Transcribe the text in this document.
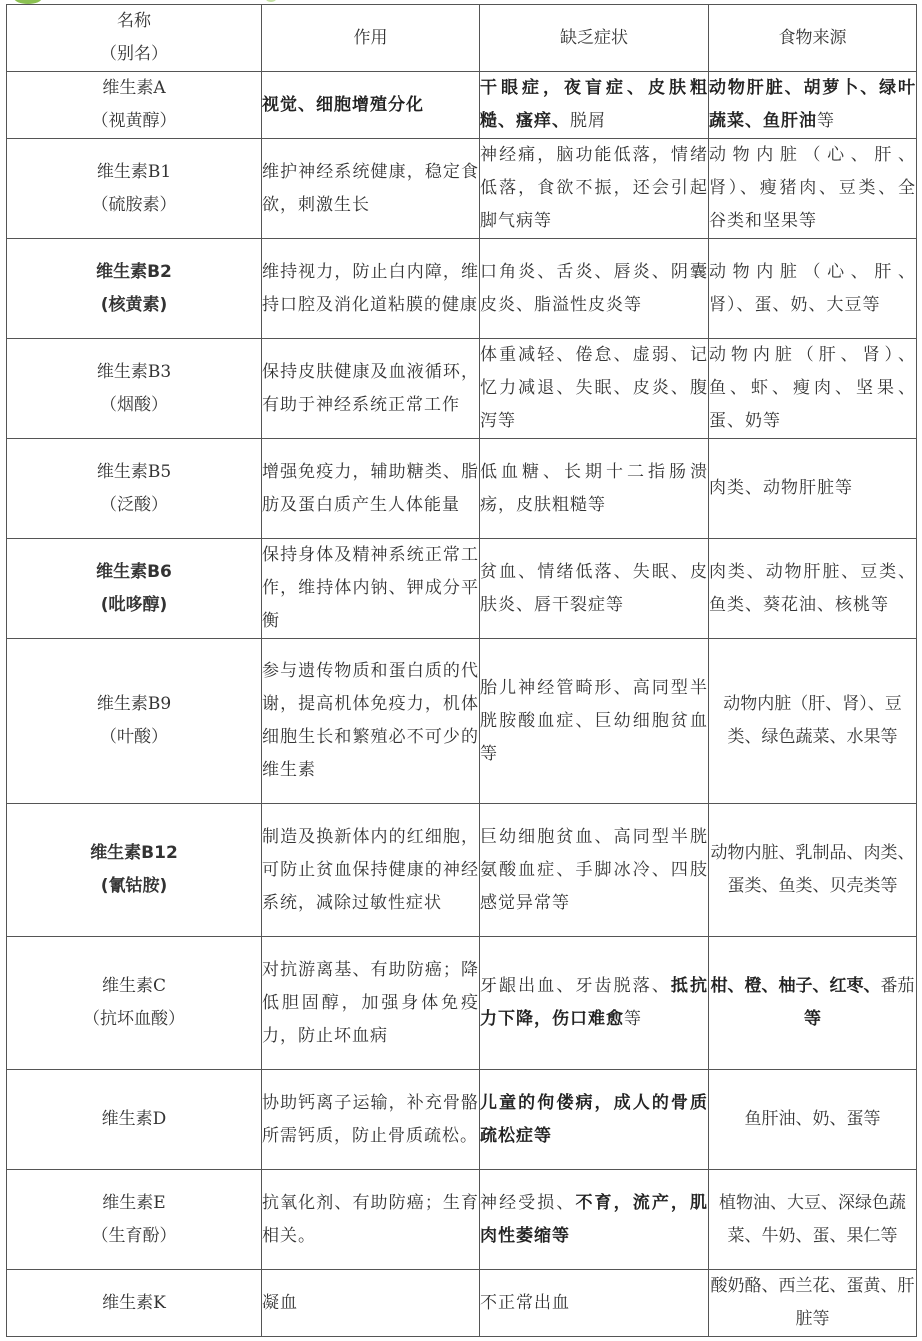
名称
（别名）	作用	缺乏症状	食物来源

维生素A
（视黄醇）	视觉、细胞增殖分化	干眼症，夜盲症、皮肤粗糙、瘙痒、脱屑	动物肝脏、胡萝卜、绿叶蔬菜、鱼肝油等

维生素B1
（硫胺素）	维护神经系统健康，稳定食欲，刺激生长	神经痛，脑功能低落，情绪低落，食欲不振，还会引起脚气病等	动物内脏（心、肝、肾）、瘦猪肉、豆类、全谷类和坚果等

维生素B2
(核黄素)	维持视力，防止白内障，维持口腔及消化道粘膜的健康	口角炎、舌炎、唇炎、阴囊皮炎、脂溢性皮炎等	动物内脏（心、肝、肾）、蛋、奶、大豆等

维生素B3
（烟酸）	保持皮肤健康及血液循环，有助于神经系统正常工作	体重减轻、倦怠、虚弱、记忆力减退、失眠、皮炎、腹泻等	动物内脏（肝、肾）、鱼、虾、瘦肉、坚果、蛋、奶等

维生素B5
（泛酸）	增强免疫力，辅助糖类、脂肪及蛋白质产生人体能量	低血糖、长期十二指肠溃疡，皮肤粗糙等	肉类、动物肝脏等

维生素B6
(吡哆醇)	保持身体及精神系统正常工作，维持体内钠、钾成分平衡	贫血、情绪低落、失眠、皮肤炎、唇干裂症等	肉类、动物肝脏、豆类、鱼类、葵花油、核桃等

维生素B9
（叶酸）	参与遗传物质和蛋白质的代谢，提高机体免疫力，机体细胞生长和繁殖必不可少的维生素	胎儿神经管畸形、高同型半胱胺酸血症、巨幼细胞贫血等	动物内脏（肝、肾）、豆类、绿色蔬菜、水果等

维生素B12
(氰钴胺)	制造及换新体内的红细胞，可防止贫血保持健康的神经系统，减除过敏性症状	巨幼细胞贫血、高同型半胱氨酸血症、手脚冰冷、四肢感觉异常等	动物内脏、乳制品、肉类、蛋类、鱼类、贝壳类等

维生素C
（抗坏血酸）	对抗游离基、有助防癌；降低胆固醇，加强身体免疫力，防止坏血病	牙龈出血、牙齿脱落、抵抗力下降，伤口难愈等	柑、橙、柚子、红枣、番茄等

维生素D	协助钙离子运输，补充骨骼所需钙质，防止骨质疏松。	儿童的佝偻病，成人的骨质疏松症等	鱼肝油、奶、蛋等

维生素E
（生育酚）	抗氧化剂、有助防癌；生育相关。	神经受损、不育，流产，肌肉性萎缩等	植物油、大豆、深绿色蔬菜、牛奶、蛋、果仁等

维生素K	凝血	不正常出血	酸奶酪、西兰花、蛋黄、肝脏等
